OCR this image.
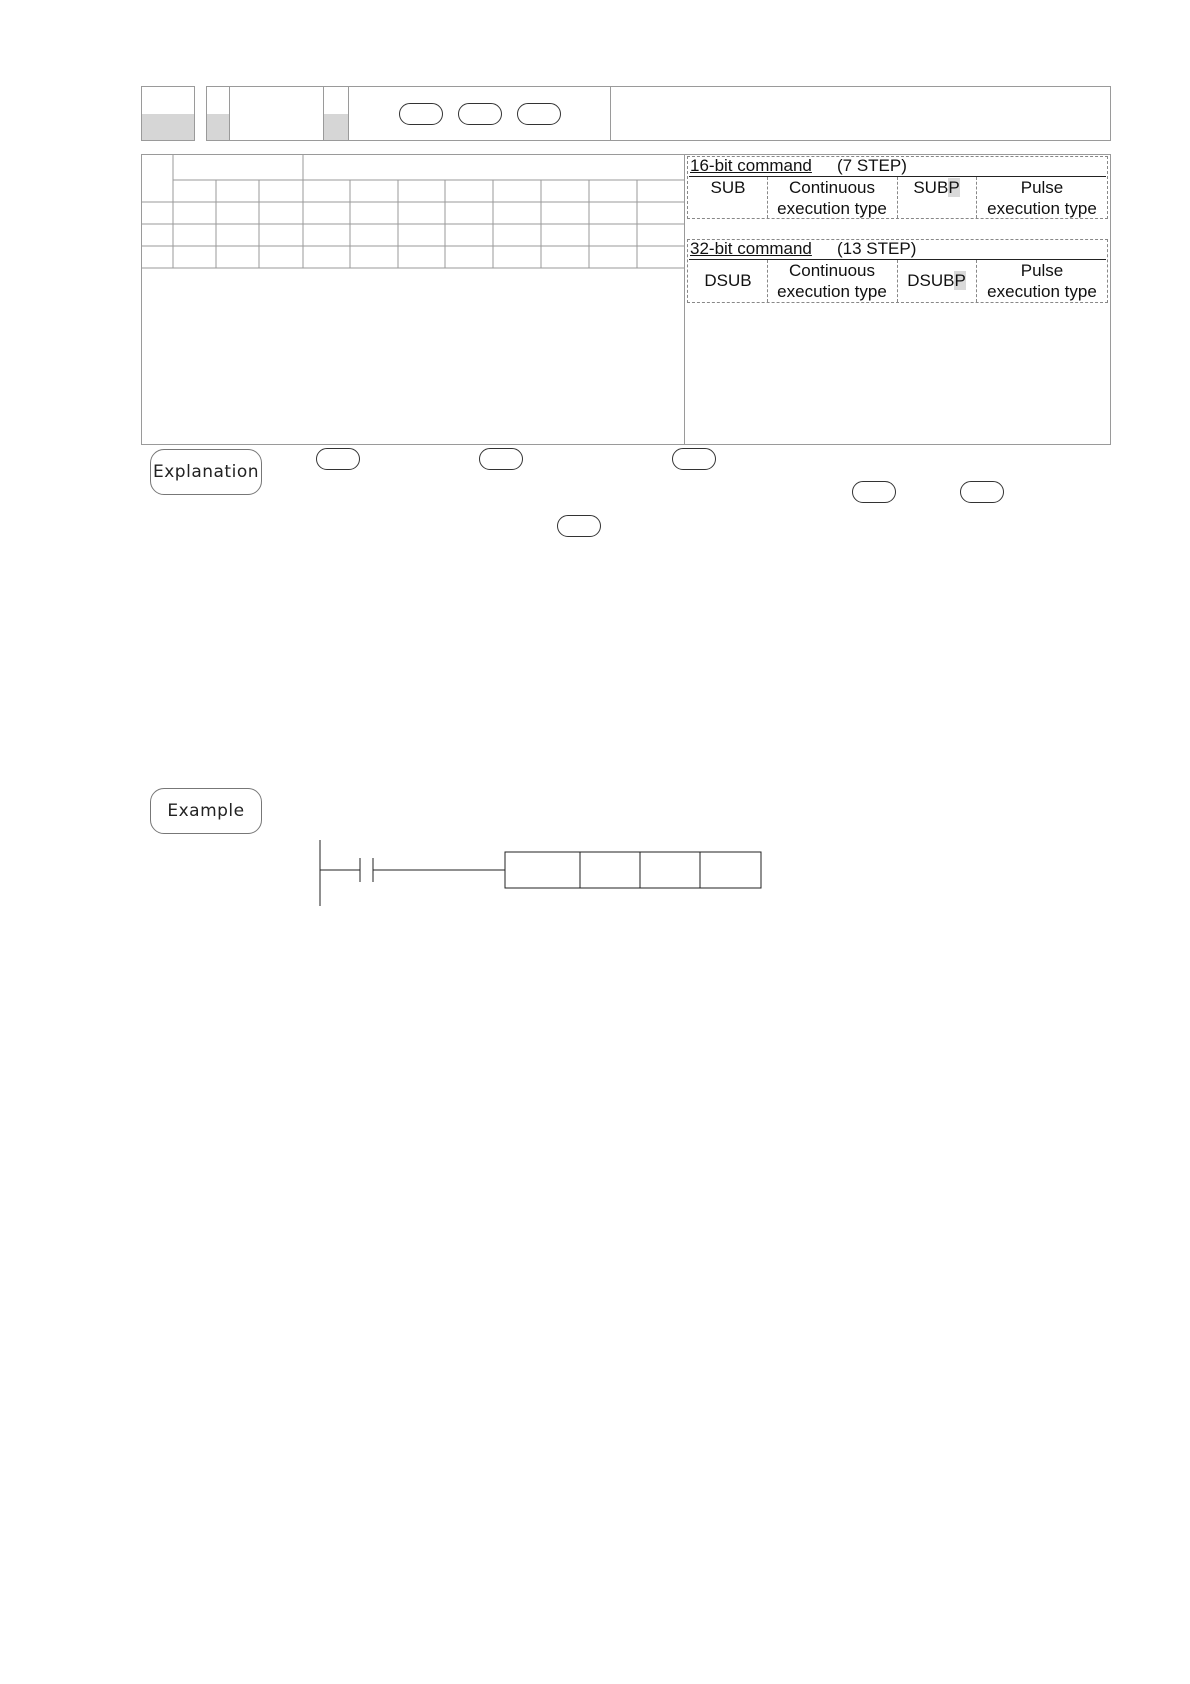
16-bit command (7 STEP)
SUB	Continuous
execution type
SUBP	Pulse
execution type
32-bit command (13 STEP)
DSUB
Continuous
execution type
DSUBP
Pulse
execution type
Explanation
Example
